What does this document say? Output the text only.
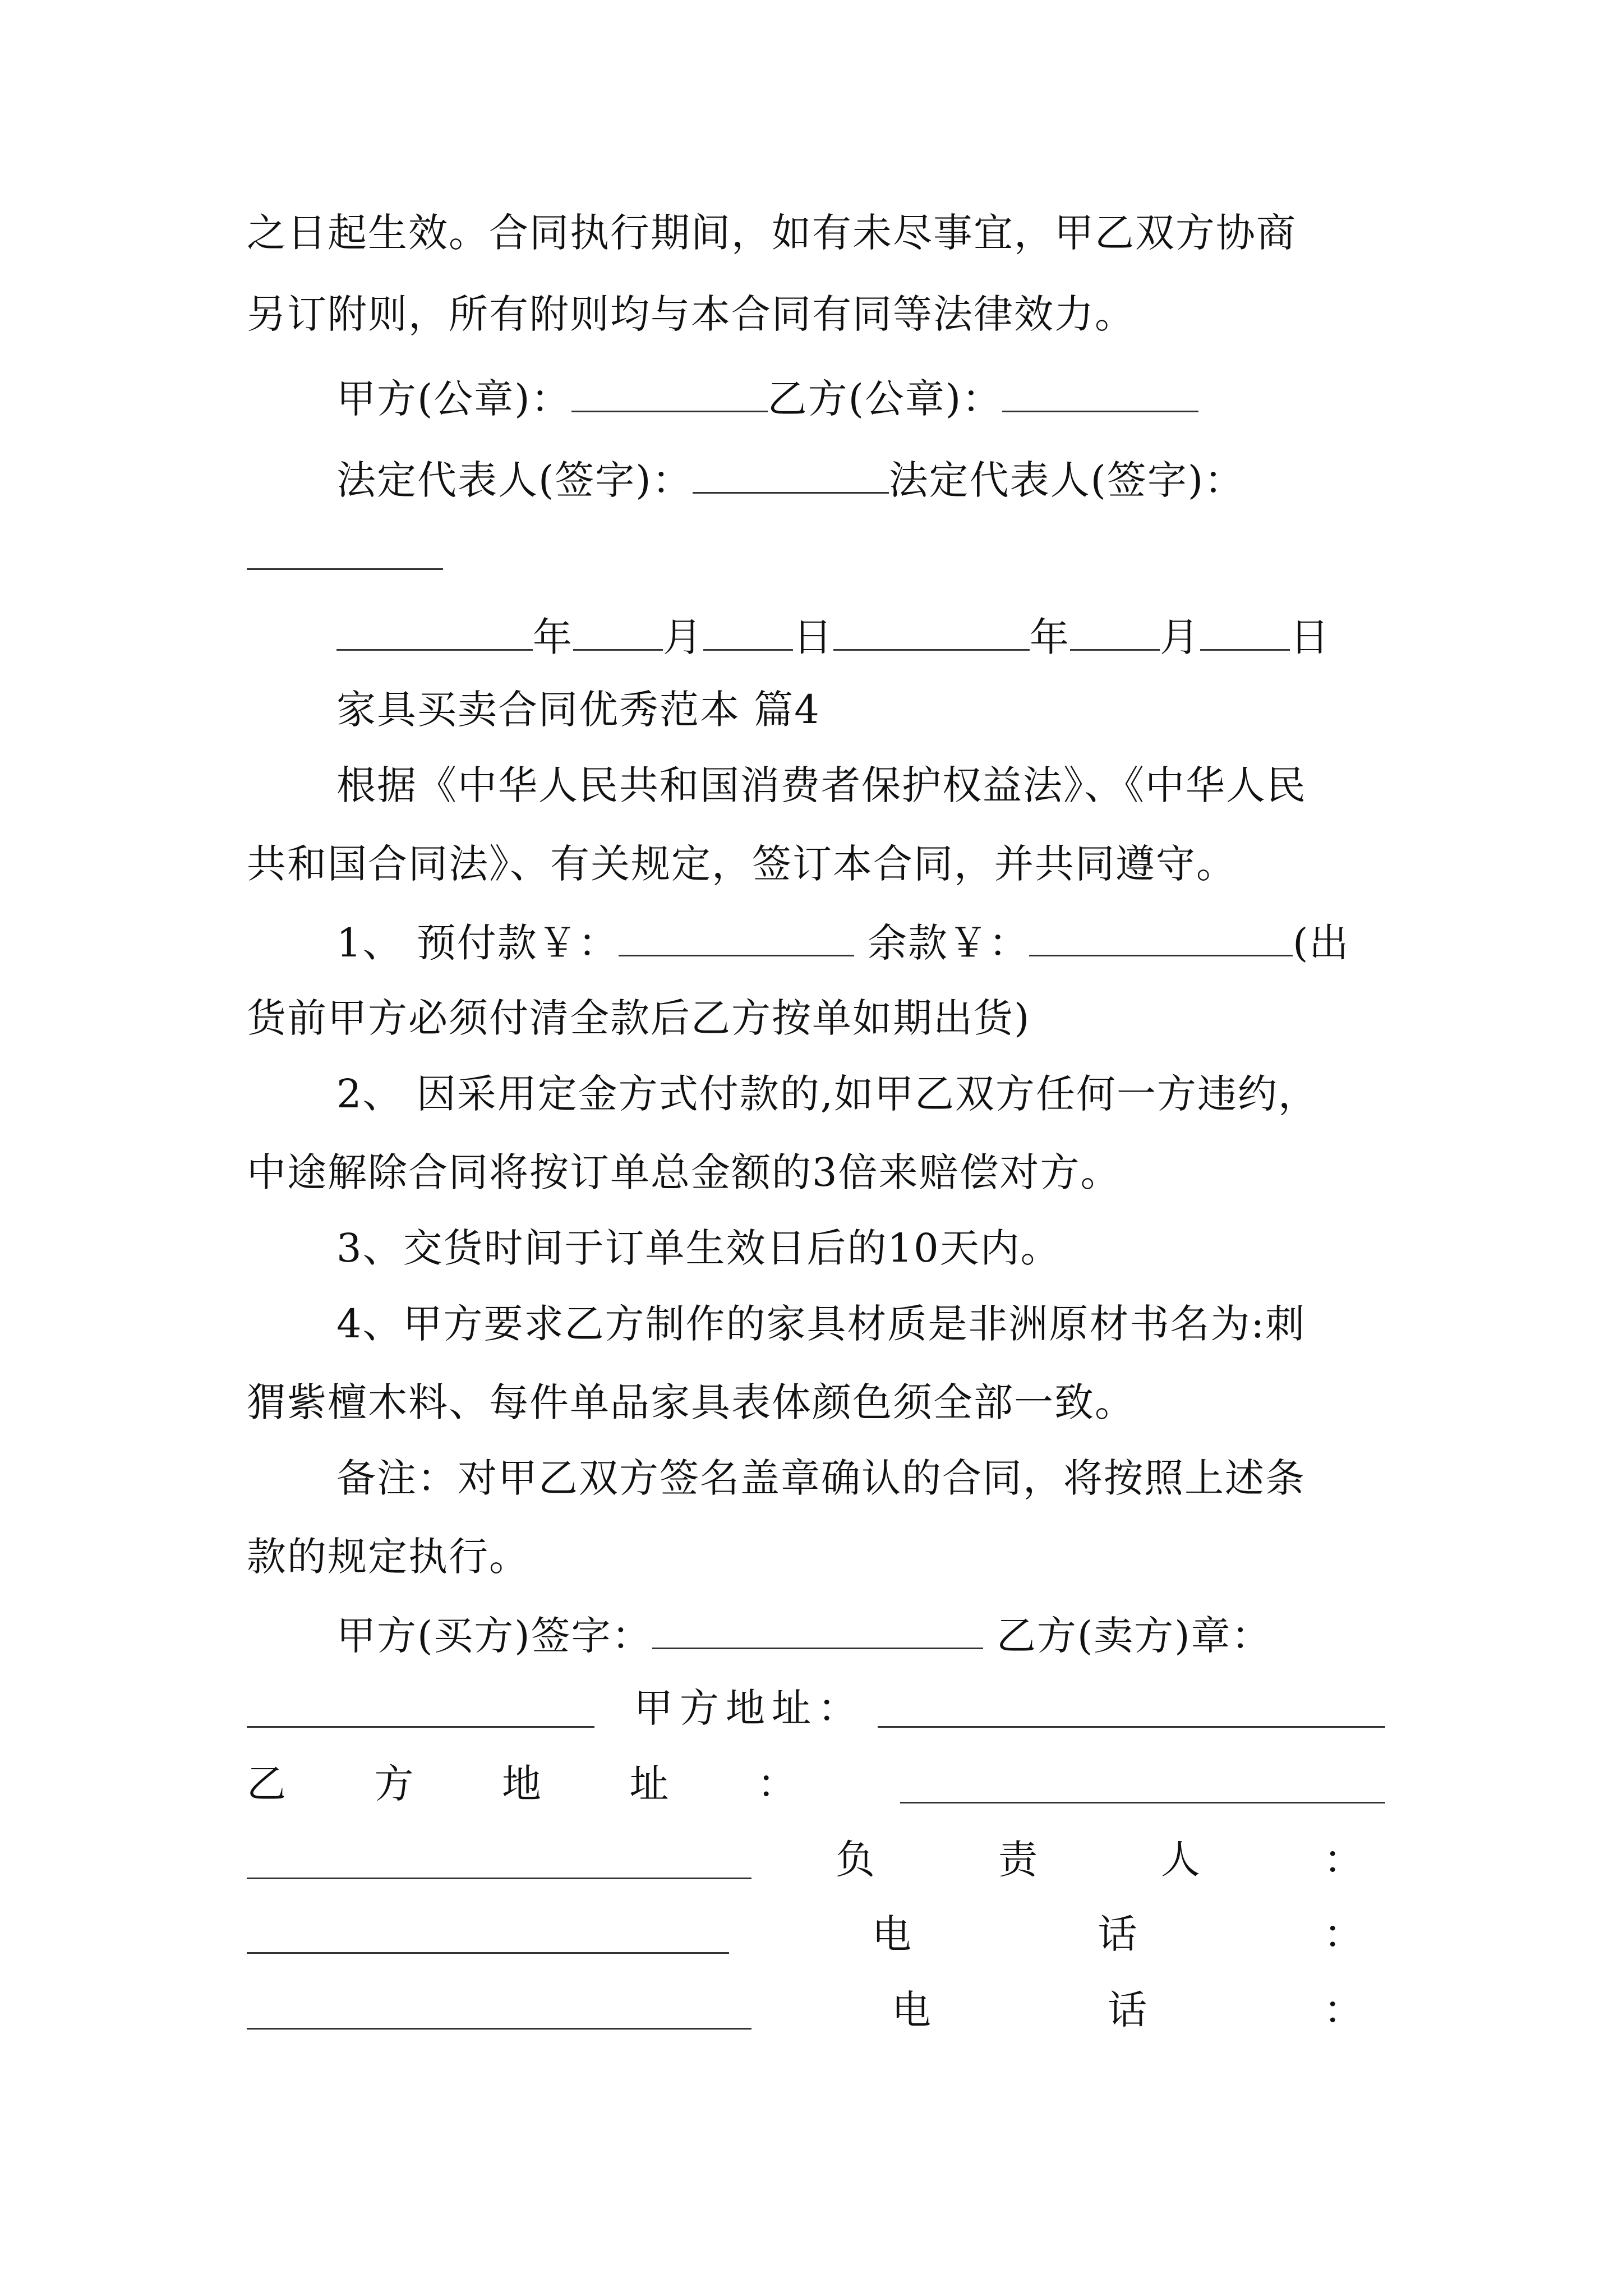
之日起生效。合同执行期间，如有未尽事宜，甲乙双方协商
另订附则，所有附则均与本合同有同等法律效力。
甲方(公章)：	乙方(公章)：
法定代表人(签字)：	法定代表人(签字)：
年 月 日	年 月 日
家具买卖合同优秀范本 篇4
根据《中华人民共和国消费者保护权益法》、《中华人民
共和国合同法》、有关规定，签订本合同，并共同遵守。
1、 预付款￥：	余款￥：	(出
货前甲方必须付清全款后乙方按单如期出货)
2、 因采用定金方式付款的,如甲乙双方任何一方违约，
中途解除合同将按订单总金额的3倍来赔偿对方。
3、交货时间于订单生效日后的10天内。
4、甲方要求乙方制作的家具材质是非洲原材书名为:刺
猬紫檀木料、每件单品家具表体颜色须全部一致。
备注：对甲乙双方签名盖章确认的合同，将按照上述条
款的规定执行。
甲方(买方)签字：	乙方(卖方)章：
甲方地址：
乙 方 地 址 ：
负	责	人	：
电	话	：
电	话	：
